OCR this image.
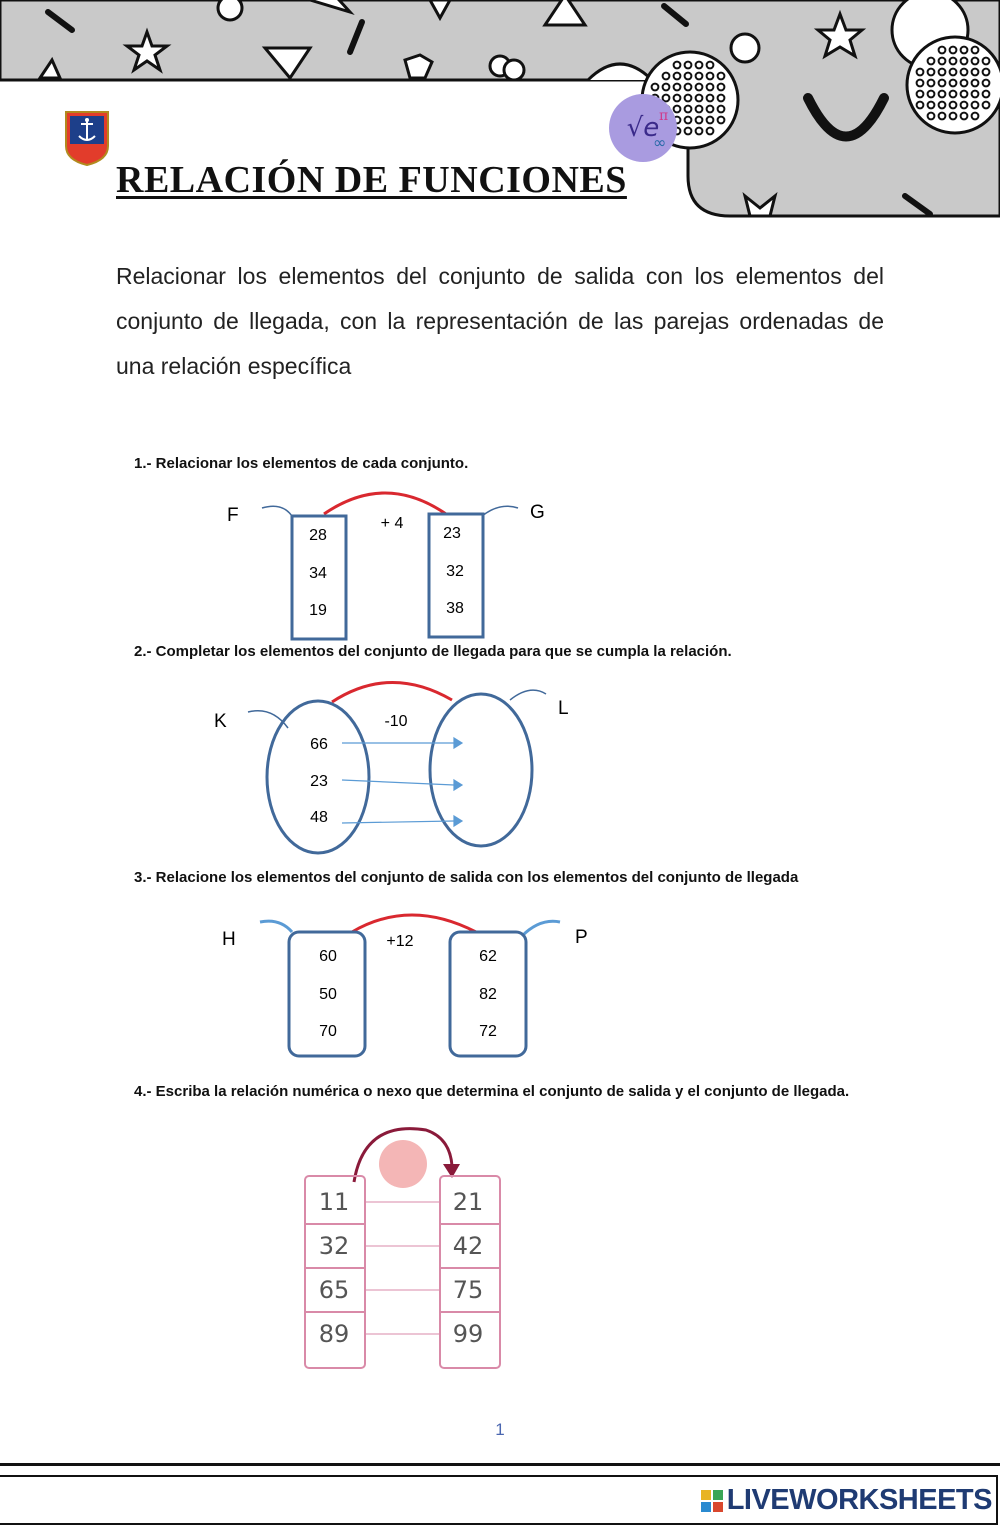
√e π
∞
RELACIÓN DE FUNCIONES
Relacionar los elementos del conjunto de salida con los elementos del conjunto de llegada, con la representación de las parejas ordenadas de una relación específica
1.- Relacionar los elementos de cada conjunto.
F	G
+ 4
28
34
19
23
32
38
2.- Completar los elementos del conjunto de llegada para que se cumpla la relación.
K
L
-10
66
23
48
3.- Relacione los elementos del conjunto de salida con los elementos del conjunto de llegada
H	P
+12
60
50
70
62
82
72
4.- Escriba la relación numérica o nexo que determina el conjunto de salida y el conjunto de llegada.
11
32
65
89
21
42
75
99
1
LIVEWORKSHEETS
